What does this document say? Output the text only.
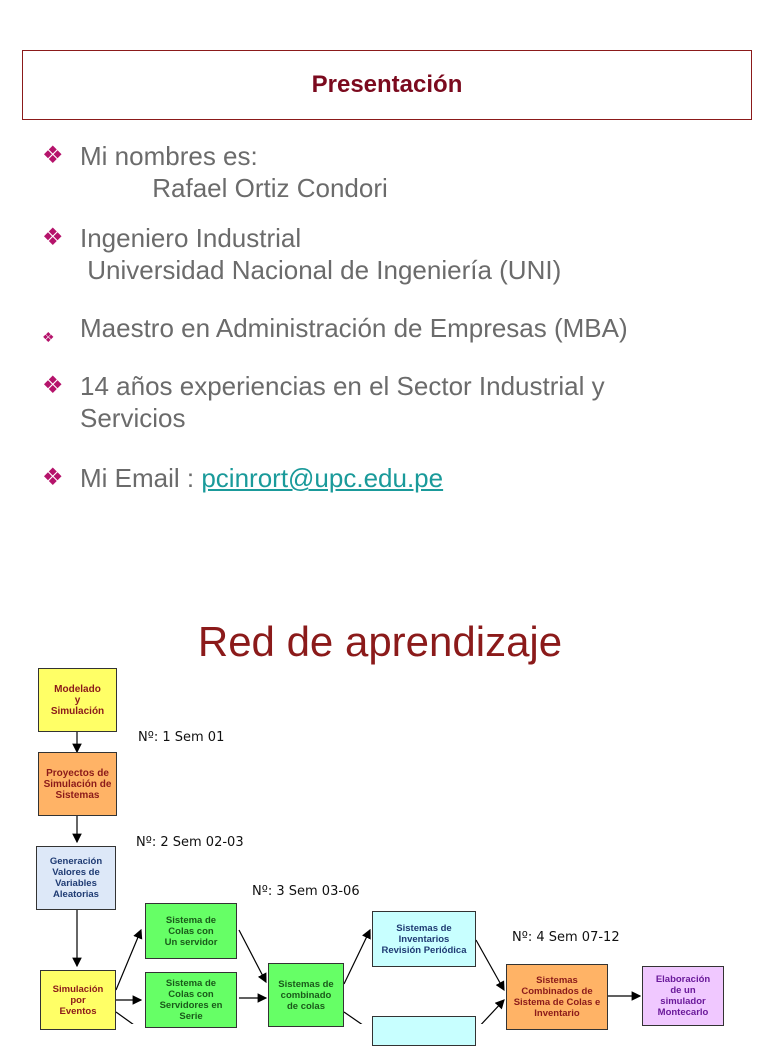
Presentación
❖ Mi nombres es:
Rafael Ortiz Condori
❖ Ingeniero Industrial
Universidad Nacional de Ingeniería (UNI)
❖ Maestro en Administración de Empresas (MBA)
❖ 14 años experiencias en el Sector Industrial y
Servicios
❖ Mi Email : pcinrort@upc.edu.pe
Red de aprendizaje
Modelado
y
Simulación
Proyectos de
Simulación de
Sistemas
Generación
Valores de
Variables
Aleatorias
Simulación
por
Eventos
Sistema de
Colas con
Un servidor
Sistema de
Colas con
Servidores en
Serie
Sistemas de
combinado
de colas
Sistemas de
Inventarios
Revisión Periódica
Sistemas
Combinados de
Sistema de Colas e
Inventario
Elaboración
de un
simulador
Montecarlo
Nº: 1 Sem 01
Nº: 2 Sem 02-03
Nº: 3 Sem 03-06
Nº: 4 Sem 07-12
